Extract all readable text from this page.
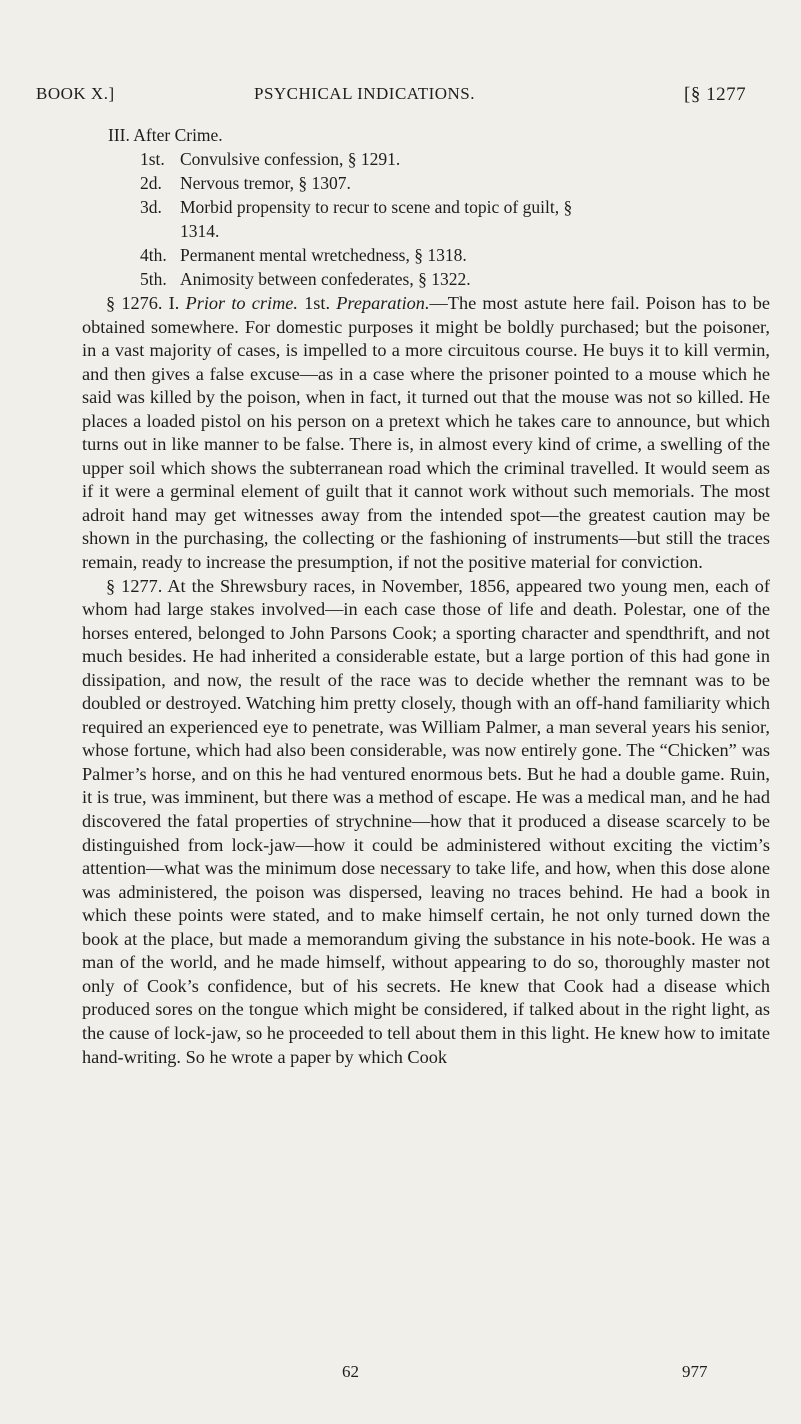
BOOK X.]	PSYCHICAL INDICATIONS.	[§ 1277
III. After Crime.
1st. Convulsive confession, § 1291.
2d. Nervous tremor, § 1307.
3d. Morbid propensity to recur to scene and topic of guilt, §
1314.
4th. Permanent mental wretchedness, § 1318.
5th. Animosity between confederates, § 1322.

§ 1276. I. Prior to crime. 1st. Preparation.—The most astute here fail. Poison has to be obtained somewhere. For domestic purposes it might be boldly purchased; but the poisoner, in a vast majority of cases, is impelled to a more circuitous course. He buys it to kill vermin, and then gives a false excuse—as in a case where the prisoner pointed to a mouse which he said was killed by the poison, when in fact, it turned out that the mouse was not so killed. He places a loaded pistol on his person on a pretext which he takes care to announce, but which turns out in like manner to be false. There is, in almost every kind of crime, a swelling of the upper soil which shows the subterranean road which the criminal travelled. It would seem as if it were a germinal element of guilt that it cannot work without such memorials. The most adroit hand may get witnesses away from the intended spot—the greatest caution may be shown in the purchasing, the collecting or the fashioning of instruments—but still the traces remain, ready to increase the presumption, if not the positive material for conviction.

§ 1277. At the Shrewsbury races, in November, 1856, appeared two young men, each of whom had large stakes involved—in each case those of life and death. Polestar, one of the horses entered, belonged to John Parsons Cook; a sporting character and spendthrift, and not much besides. He had inherited a considerable estate, but a large portion of this had gone in dissipation, and now, the result of the race was to decide whether the remnant was to be doubled or destroyed. Watching him pretty closely, though with an off-hand familiarity which required an experienced eye to penetrate, was William Palmer, a man several years his senior, whose fortune, which had also been considerable, was now entirely gone. The “Chicken” was Palmer’s horse, and on this he had ventured enormous bets. But he had a double game. Ruin, it is true, was imminent, but there was a method of escape. He was a medical man, and he had discovered the fatal properties of strychnine—how that it produced a disease scarcely to be distinguished from lock-jaw—how it could be administered without exciting the victim’s attention—what was the minimum dose necessary to take life, and how, when this dose alone was administered, the poison was dispersed, leaving no traces behind. He had a book in which these points were stated, and to make himself certain, he not only turned down the book at the place, but made a memorandum giving the substance in his note-book. He was a man of the world, and he made himself, without appearing to do so, thoroughly master not only of Cook’s confidence, but of his secrets. He knew that Cook had a disease which produced sores on the tongue which might be considered, if talked about in the right light, as the cause of lock-jaw, so he proceeded to tell about them in this light. He knew how to imitate hand-writing. So he wrote a paper by which Cook

62	977
